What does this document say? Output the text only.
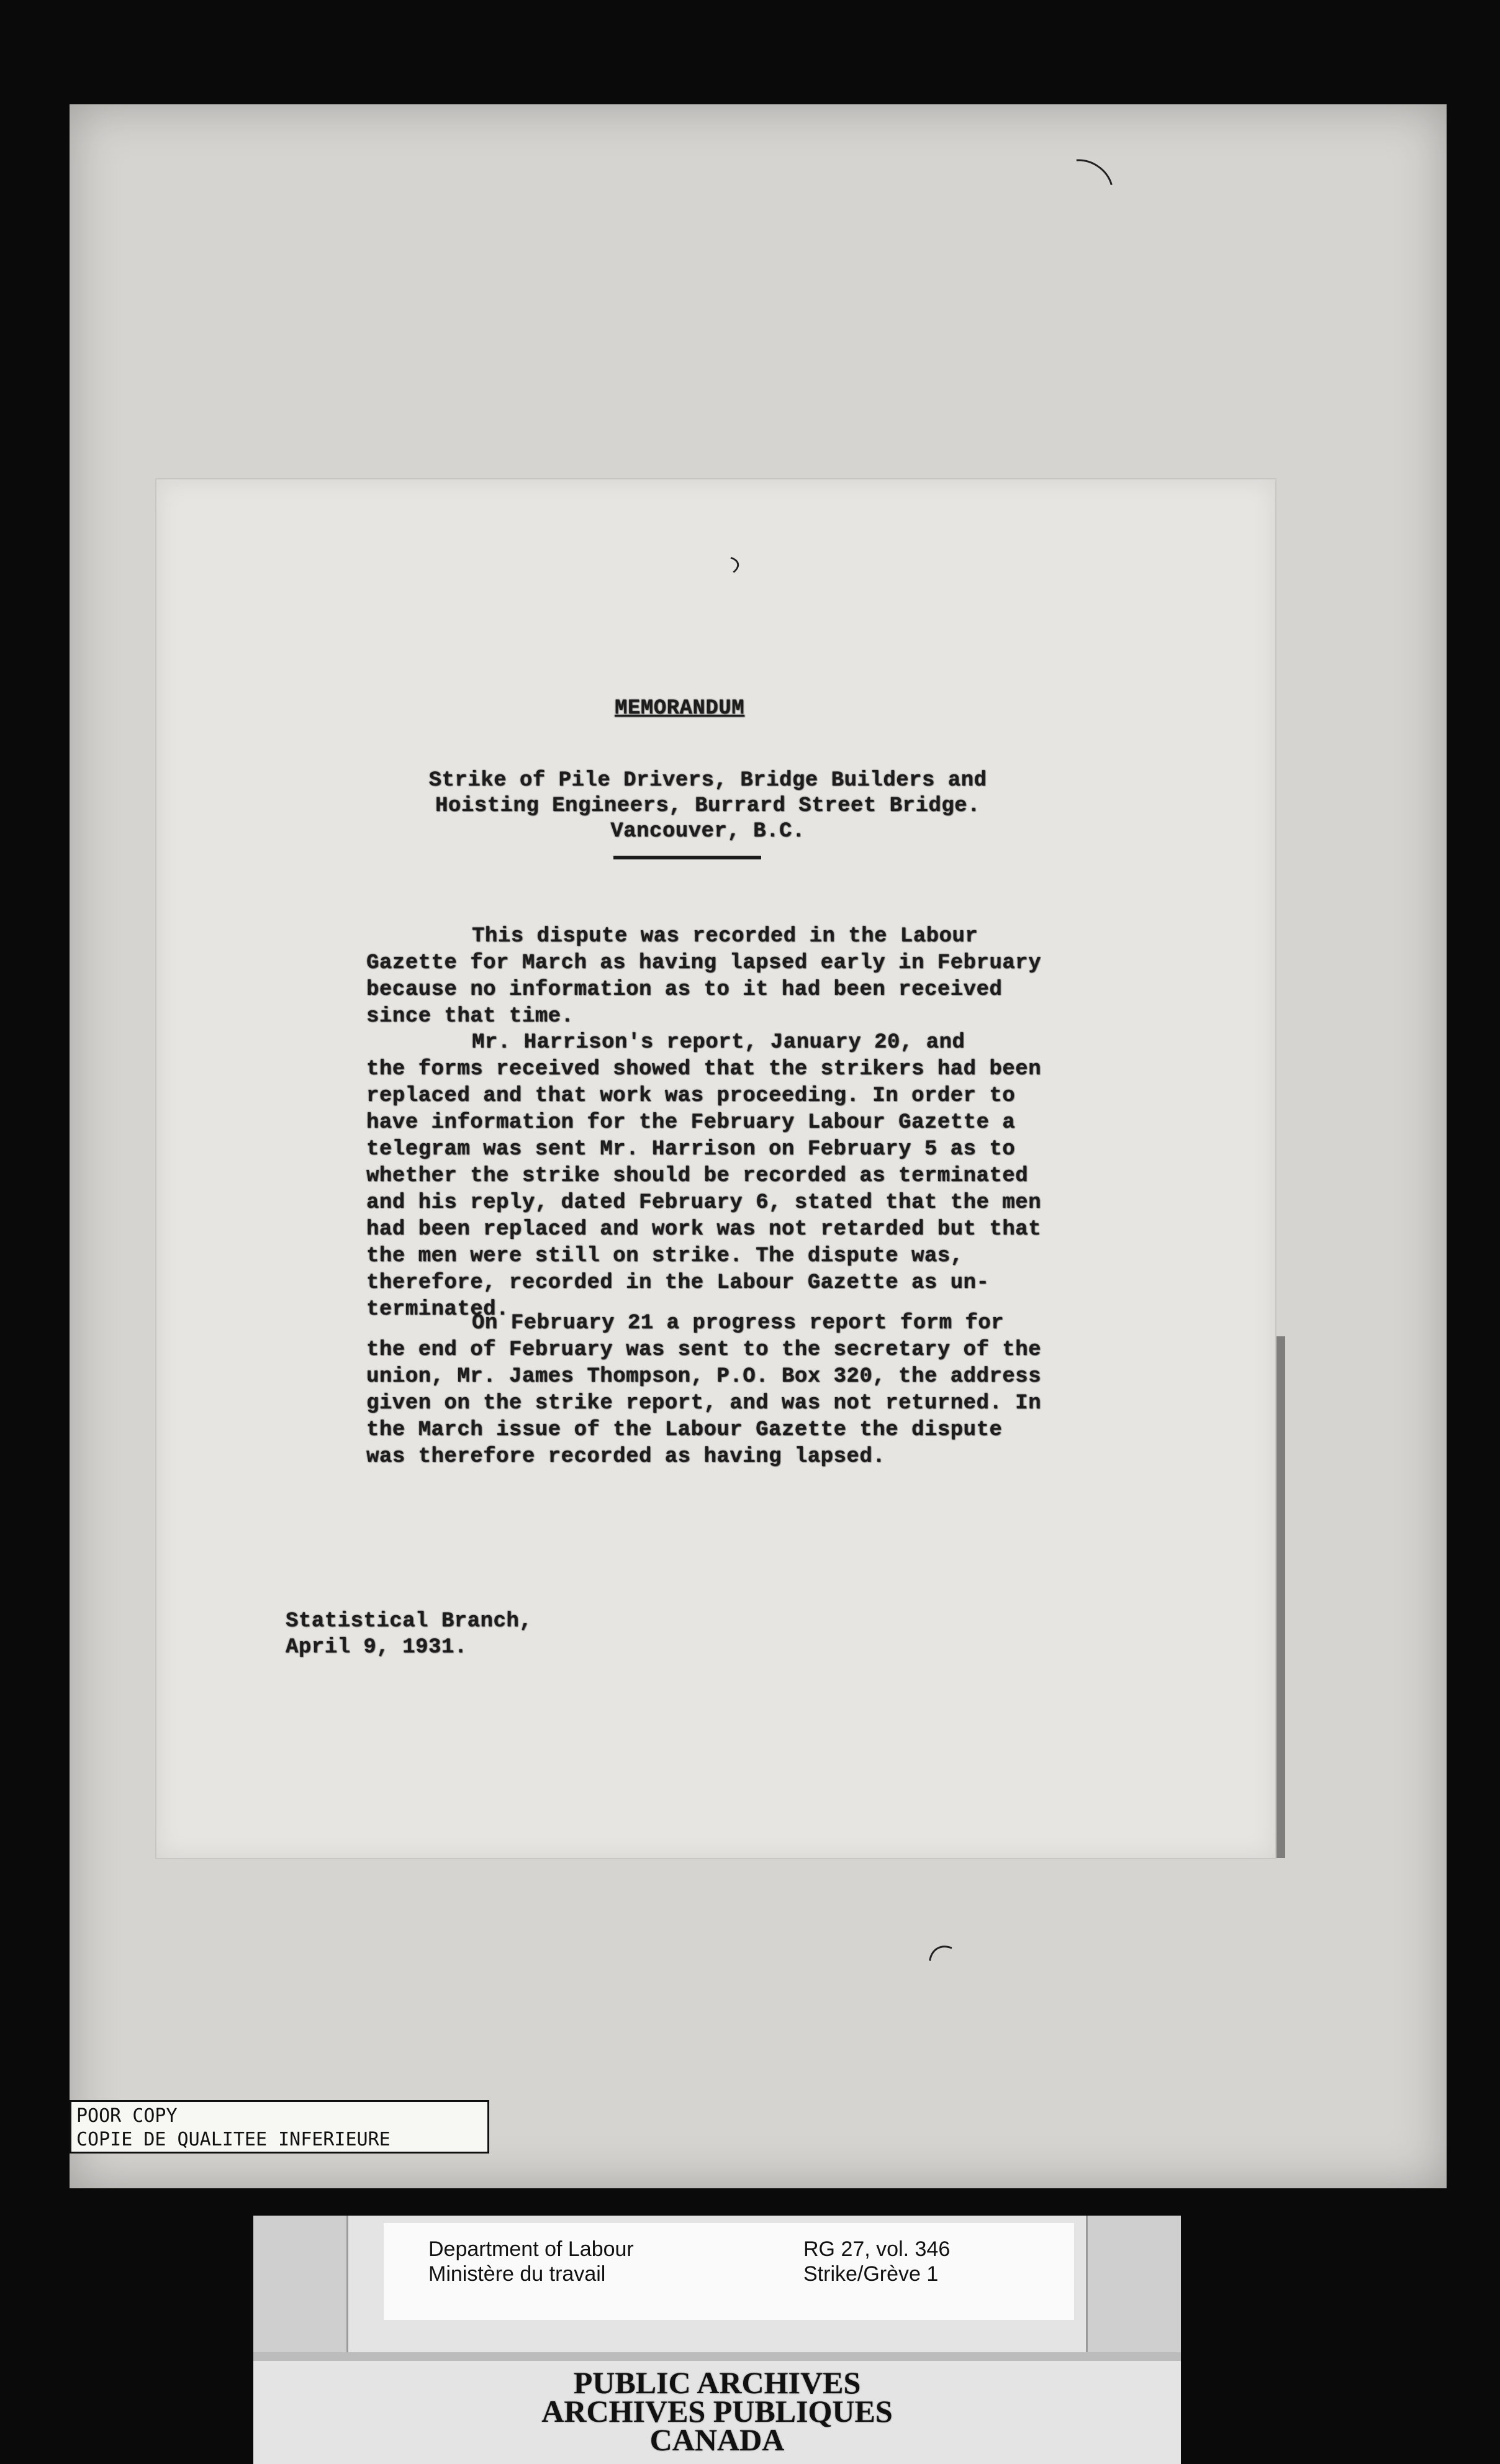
MEMORANDUM
Strike of Pile Drivers, Bridge Builders and
Hoisting Engineers, Burrard Street Bridge.
Vancouver, B.C.

This dispute was recorded in the Labour
Gazette for March as having lapsed early in February
because no information as to it had been received
since that time.

Mr. Harrison's report, January 20, and
the forms received showed that the strikers had been
replaced and that work was proceeding. In order to
have information for the February Labour Gazette a
telegram was sent Mr. Harrison on February 5 as to
whether the strike should be recorded as terminated
and his reply, dated February 6, stated that the men
had been replaced and work was not retarded but that
the men were still on strike. The dispute was,
therefore, recorded in the Labour Gazette as un-
terminated.

On February 21 a progress report form for
the end of February was sent to the secretary of the
union, Mr. James Thompson, P.O. Box 320, the address
given on the strike report, and was not returned. In
the March issue of the Labour Gazette the dispute
was therefore recorded as having lapsed.

Statistical Branch,
April 9, 1931.
POOR COPY
COPIE DE QUALITEE INFERIEURE
Department of Labour
Ministère du travail
RG 27, vol. 346
Strike/Grève 1
PUBLIC ARCHIVES
ARCHIVES PUBLIQUES
CANADA
